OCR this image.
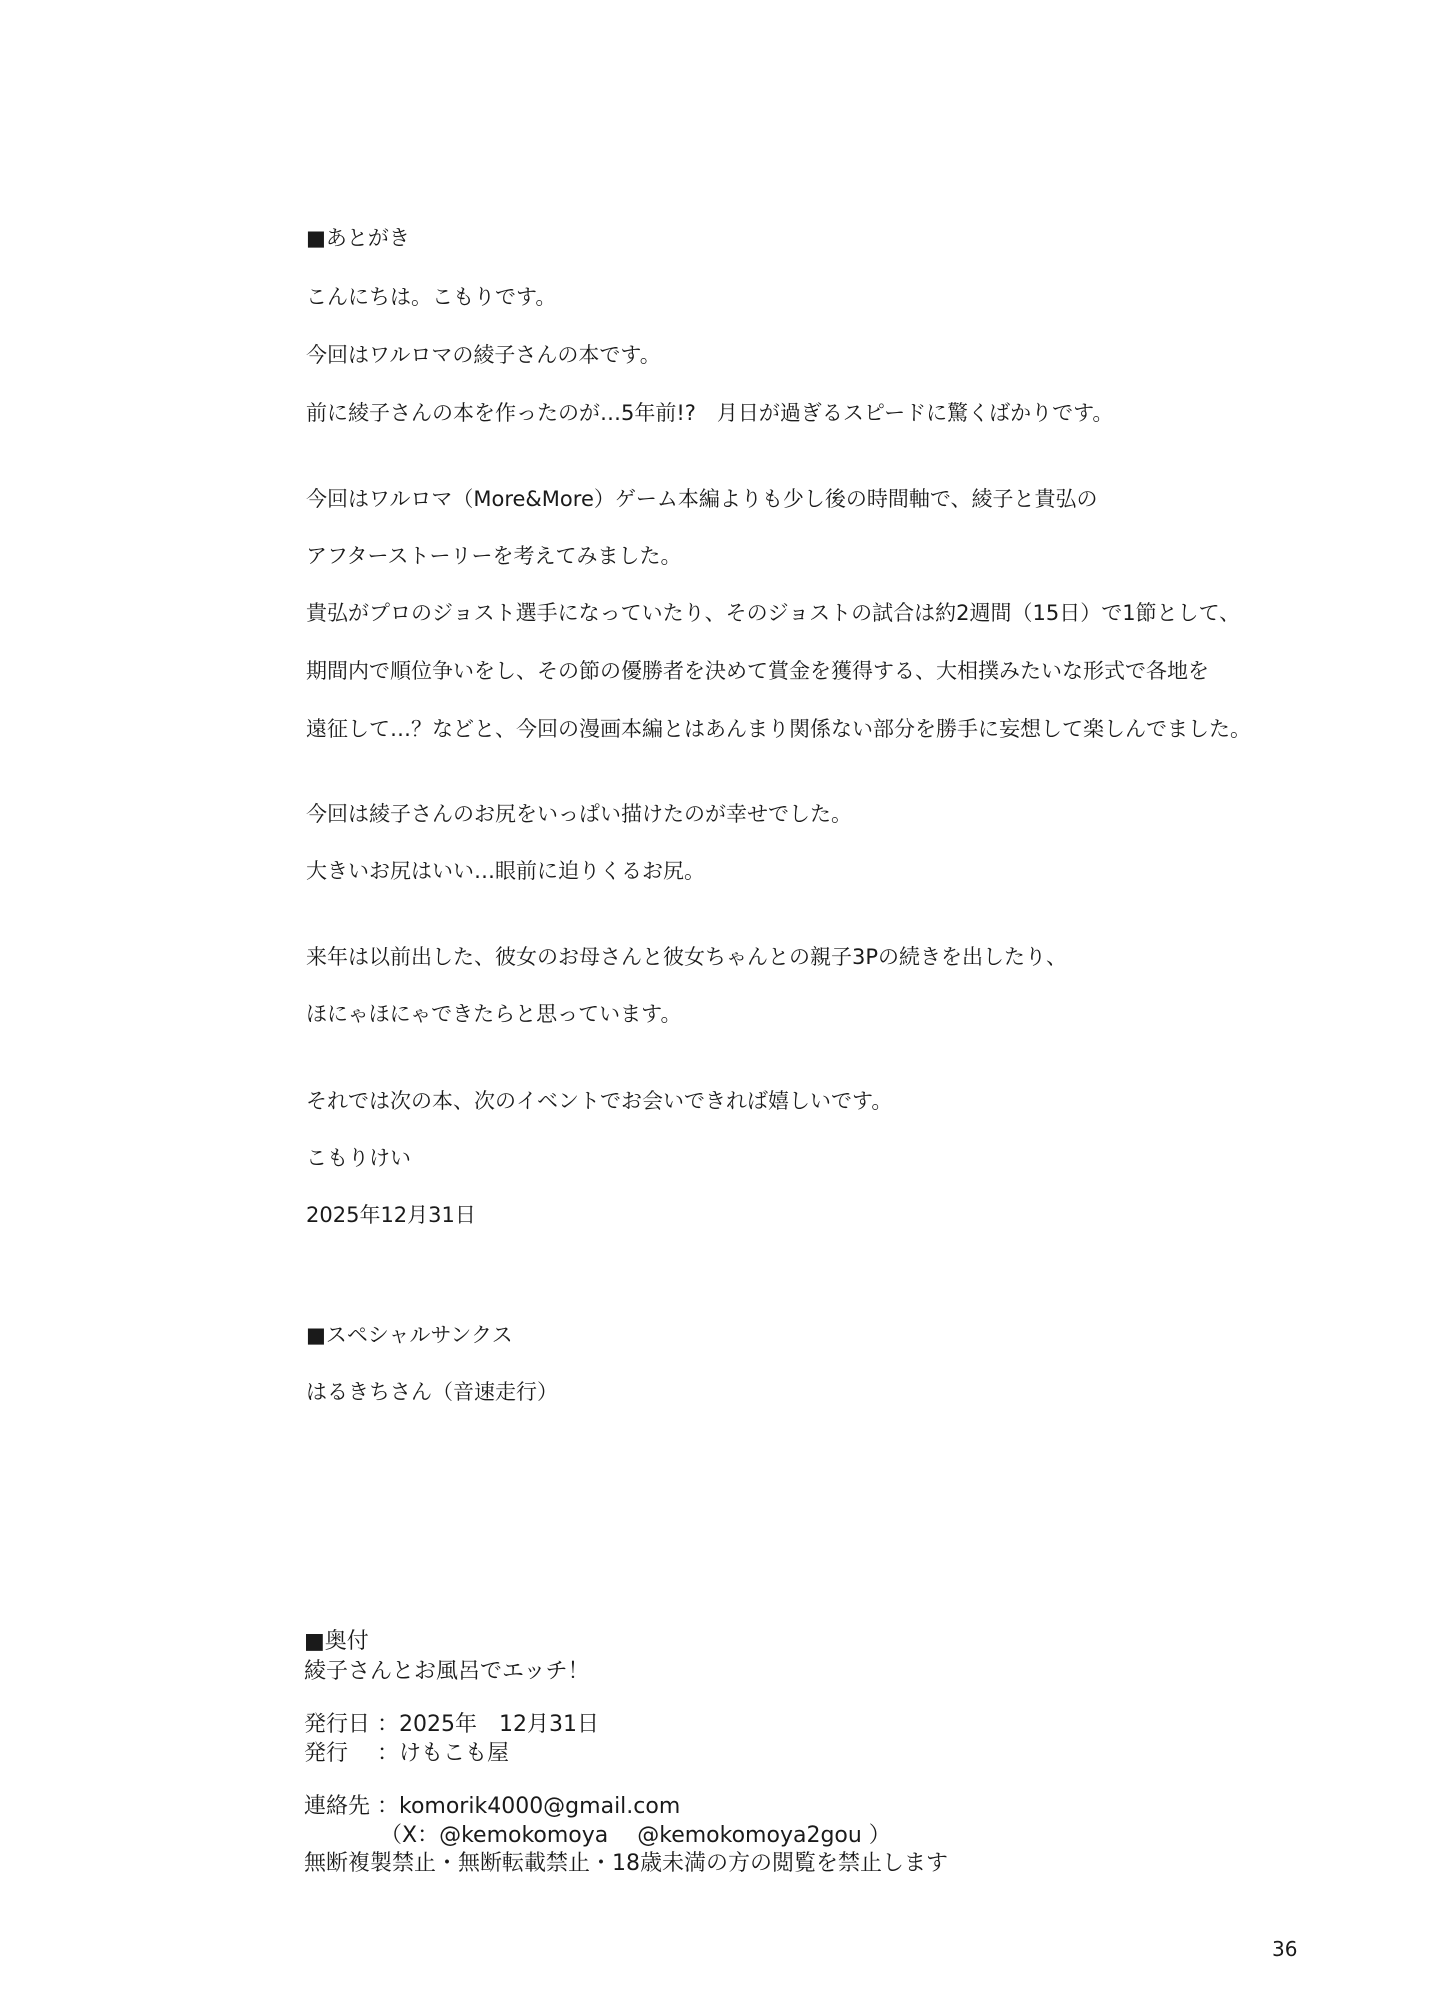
■あとがき

こんにちは。こもりです。

今回はワルロマの綾子さんの本です。

前に綾子さんの本を作ったのが…5年前!?　月日が過ぎるスピードに驚くばかりです。

今回はワルロマ（More&More）ゲーム本編よりも少し後の時間軸で、綾子と貴弘の

アフターストーリーを考えてみました。

貴弘がプロのジョスト選手になっていたり、そのジョストの試合は約2週間（15日）で1節として、

期間内で順位争いをし、その節の優勝者を決めて賞金を獲得する、大相撲みたいな形式で各地を

遠征して…？などと、今回の漫画本編とはあんまり関係ない部分を勝手に妄想して楽しんでました。

今回は綾子さんのお尻をいっぱい描けたのが幸せでした。

大きいお尻はいい…眼前に迫りくるお尻。

来年は以前出した、彼女のお母さんと彼女ちゃんとの親子3Pの続きを出したり、

ほにゃほにゃできたらと思っています。

それでは次の本、次のイベントでお会いできれば嬉しいです。

こもりけい

2025年12月31日

■スペシャルサンクス

はるきちさん（音速走行）

■奥付

綾子さんとお風呂でエッチ！

発行日 ：2025年　12月31日

発行　 ：けもこも屋

連絡先 ：komorik4000@gmail.com

（X：@kemokomoya　 @kemokomoya2gou ）

無断複製禁止・無断転載禁止・18歳未満の方の閲覧を禁止します

36
